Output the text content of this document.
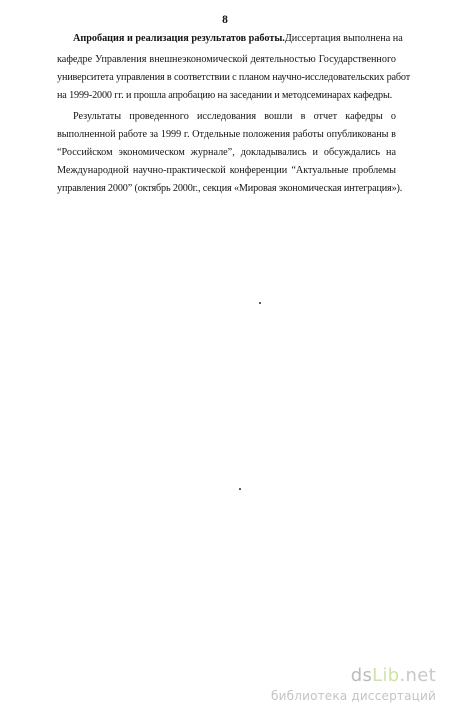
8
Апробация и реализация результатов работы. Диссертация выполнена на
кафедре Управления внешнеэкономической деятельностью Государственного
университета управления в соответствии с планом научно-исследовательских работ
на 1999-2000 гг. и прошла апробацию на заседании и методсеминарах кафедры.
Результаты проведенного исследования вошли в отчет кафедры о
выполненной работе за 1999 г. Отдельные положения работы опубликованы в
“Российском экономическом журнале”, докладывались и обсуждались на
Международной научно-практической конференции “Актуальные проблемы
управления 2000” (октябрь 2000г., секция «Мировая экономическая интеграция»).
dsLib.net
библиотека диссертаций
